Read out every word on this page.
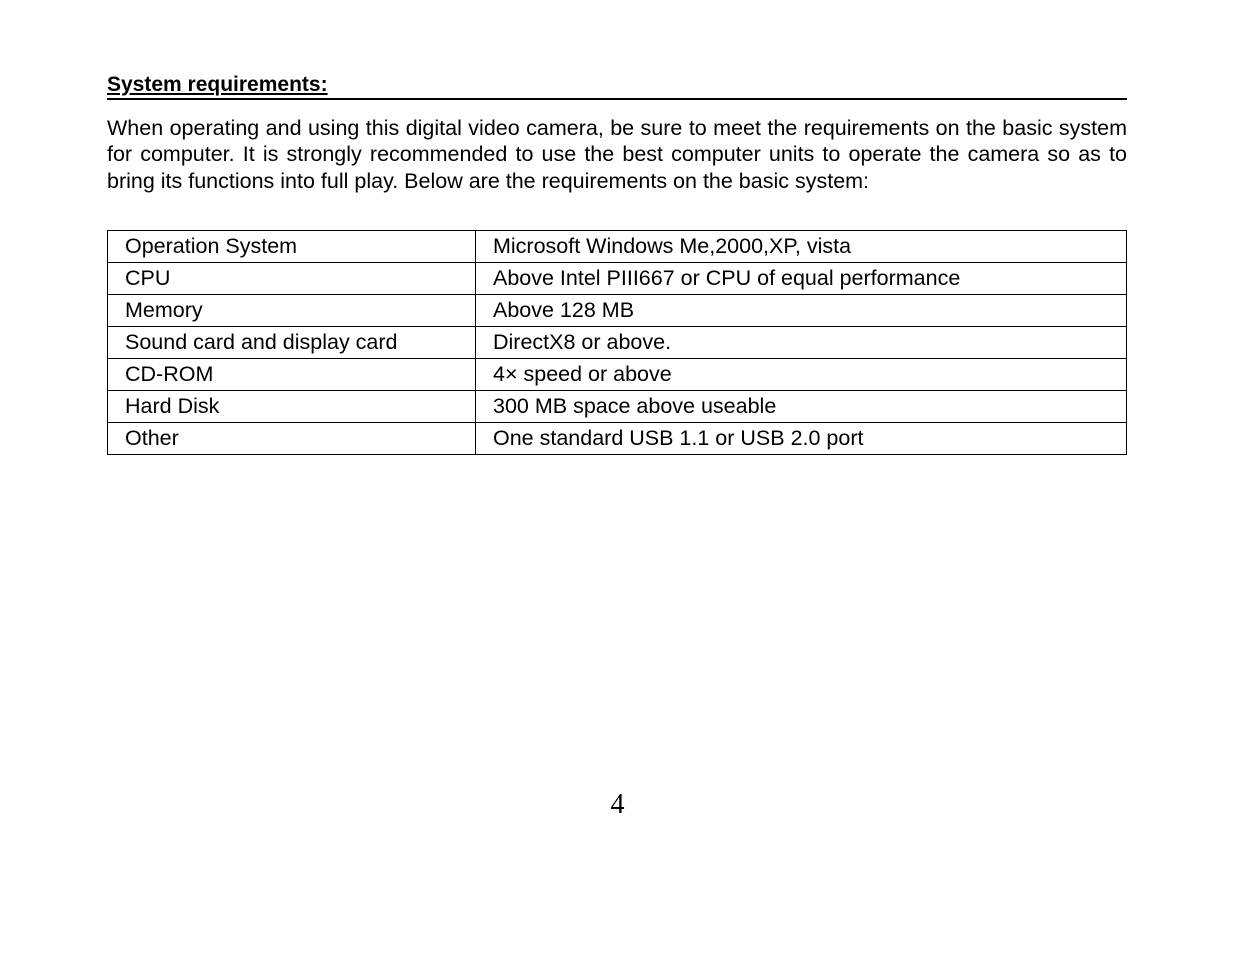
System requirements:

When operating and using this digital video camera, be sure to meet the requirements on the basic system for computer. It is strongly recommended to use the best computer units to operate the camera so as to bring its functions into full play. Below are the requirements on the basic system:

Operation System	Microsoft Windows Me,2000,XP, vista
CPU	Above Intel PIII667 or CPU of equal performance
Memory	Above 128 MB
Sound card and display card	DirectX8 or above.
CD-ROM	4× speed or above
Hard Disk	300 MB space above useable
Other	One standard USB 1.1 or USB 2.0 port
4
